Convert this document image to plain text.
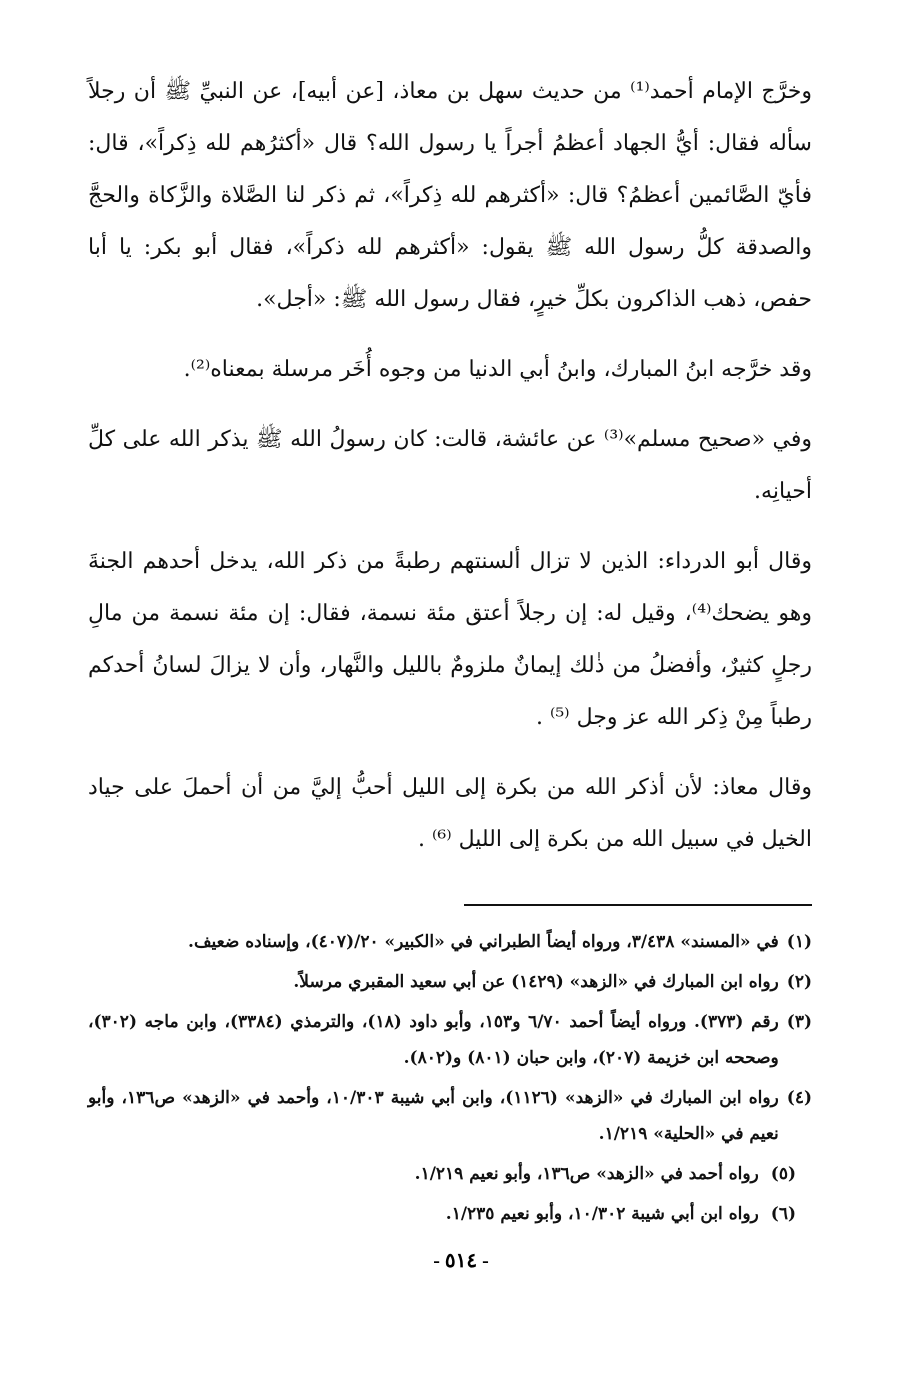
وخرَّج الإمام أحمد⁽¹⁾ من حديث سهل بن معاذ، [عن أبيه]، عن النبيِّ ﷺ أن رجلاً سأله فقال: أيُّ الجهاد أعظمُ أجراً يا رسول الله؟ قال «أكثرُهم لله ذِكراً»، قال: فأيّ الصَّائمين أعظمُ؟ قال: «أكثرهم لله ذِكراً»، ثم ذكر لنا الصَّلاة والزَّكاة والحجَّ والصدقة كلُّ رسول الله ﷺ يقول: «أكثرهم لله ذكراً»، فقال أبو بكر: يا أبا حفص، ذهب الذاكرون بكلِّ خيرٍ، فقال رسول الله ﷺ: «أجل».

وقد خرَّجه ابنُ المبارك، وابنُ أبي الدنيا من وجوه أُخَر مرسلة بمعناه⁽²⁾.

وفي «صحيح مسلم»⁽³⁾ عن عائشة، قالت: كان رسولُ الله ﷺ يذكر الله على كلِّ أحيانِه.

وقال أبو الدرداء: الذين لا تزال ألسنتهم رطبةً من ذكر الله، يدخل أحدهم الجنةَ وهو يضحك⁽⁴⁾، وقيل له: إن رجلاً أعتق مئة نسمة، فقال: إن مئة نسمة من مالِ رجلٍ كثيرٌ، وأفضلُ من ذٰلك إيمانٌ ملزومٌ بالليل والنَّهار، وأن لا يزالَ لسانُ أحدكم رطباً مِنْ ذِكر الله عز وجل ⁽⁵⁾ .

وقال معاذ: لأن أذكر الله من بكرة إلى الليل أحبُّ إليَّ من أن أحملَ على جياد الخيل في سبيل الله من بكرة إلى الليل ⁽⁶⁾ .

(١)
في «المسند» ٣/٤٣٨، ورواه أيضاً الطبراني في «الكبير» ٢٠/(٤٠٧)، وإسناده ضعيف.
(٢)
رواه ابن المبارك في «الزهد» (١٤٢٩) عن أبي سعيد المقبري مرسلاً.
(٣)
رقم (٣٧٣). ورواه أيضاً أحمد ٦/٧٠ و١٥٣، وأبو داود (١٨)، والترمذي (٣٣٨٤)، وابن ماجه (٣٠٢)، وصححه ابن خزيمة (٢٠٧)، وابن حبان (٨٠١) و(٨٠٢).
(٤)
رواه ابن المبارك في «الزهد» (١١٢٦)، وابن أبي شيبة ١٠/٣٠٣، وأحمد في «الزهد» ص١٣٦، وأبو نعيم في «الحلية» ١/٢١٩.
(٥)
رواه أحمد في «الزهد» ص١٣٦، وأبو نعيم ١/٢١٩.
(٦)
رواه ابن أبي شيبة ١٠/٣٠٢، وأبو نعيم ١/٢٣٥.
- ٥١٤ -
